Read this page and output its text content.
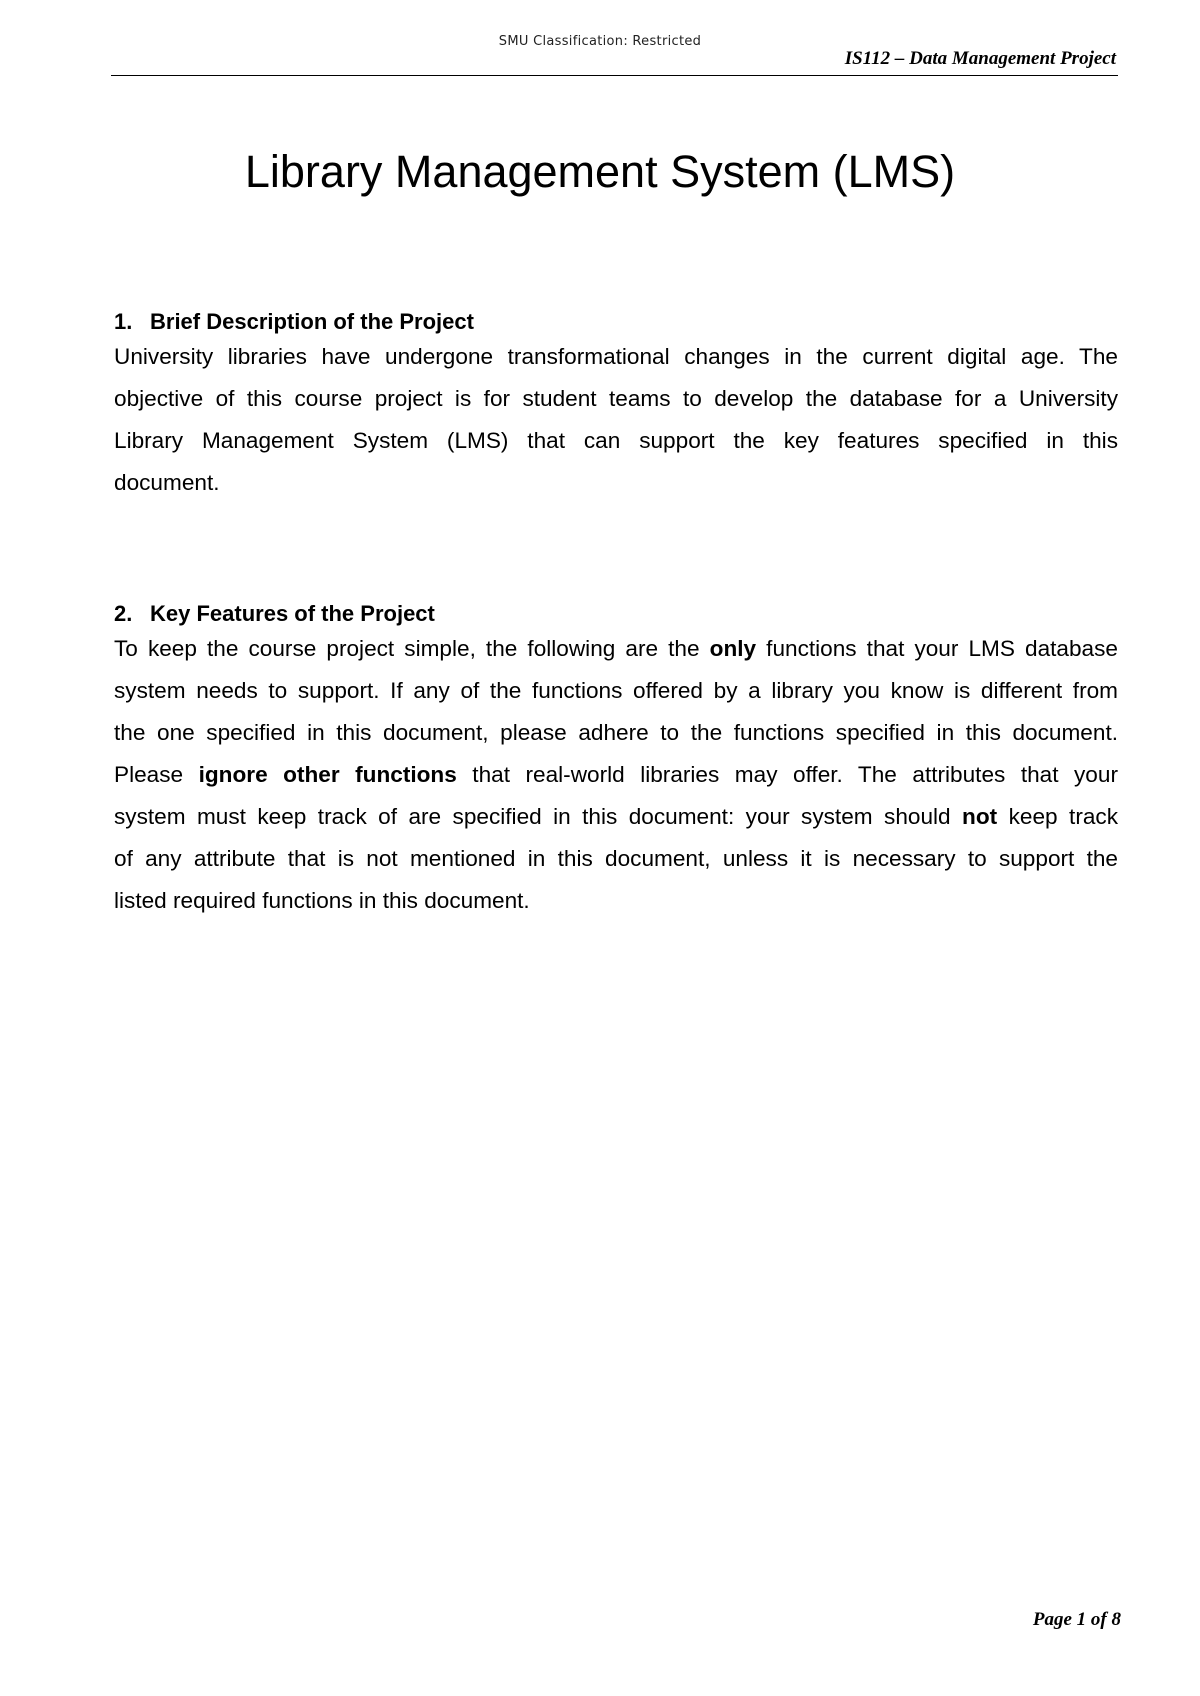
SMU Classification: Restricted
IS112 – Data Management Project
Library Management System (LMS)

1. Brief Description of the Project

University libraries have undergone transformational changes in the current digital age. The
objective of this course project is for student teams to develop the database for a University
Library Management System (LMS) that can support the key features specified in this
document.

2. Key Features of the Project

To keep the course project simple, the following are the only functions that your LMS database
system needs to support. If any of the functions offered by a library you know is different from
the one specified in this document, please adhere to the functions specified in this document.
Please ignore other functions that real-world libraries may offer. The attributes that your
system must keep track of are specified in this document: your system should not keep track
of any attribute that is not mentioned in this document, unless it is necessary to support the
listed required functions in this document.

Page 1 of 8
